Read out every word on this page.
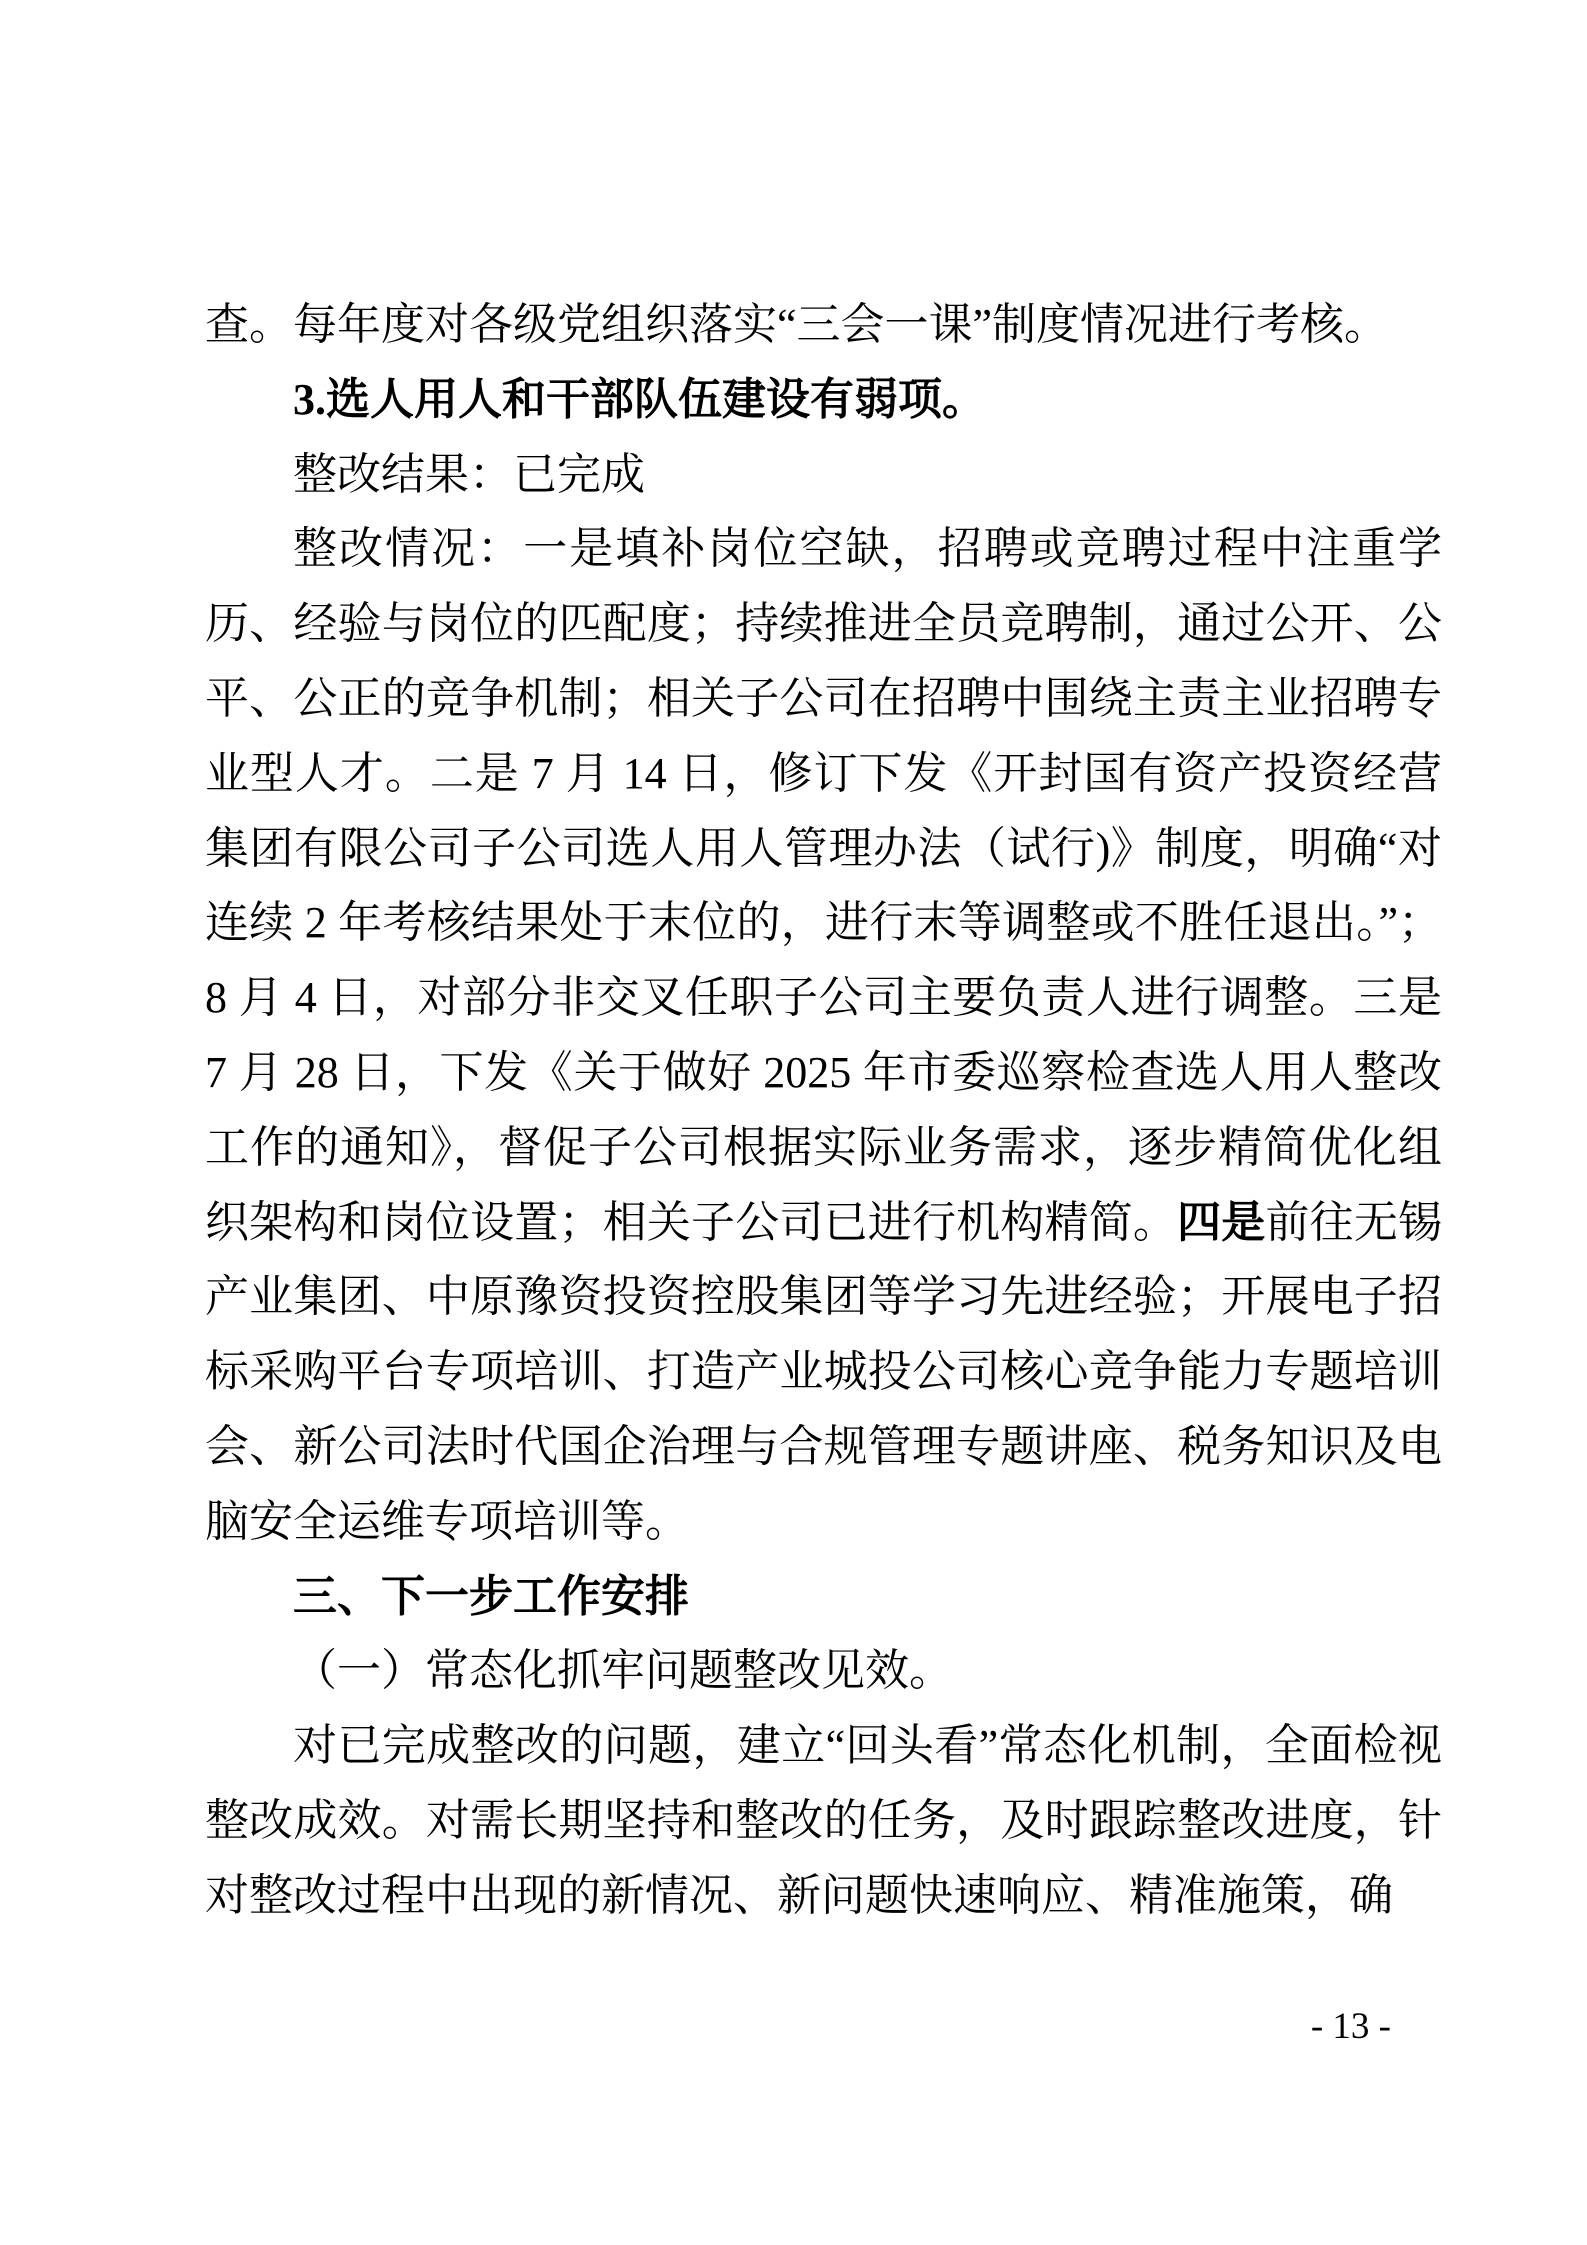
查。每年度对各级党组织落实“三会一课”制度情况进行考核。

3.选人用人和干部队伍建设有弱项。

整改结果：已完成

整改情况：一是填补岗位空缺，招聘或竞聘过程中注重学历、经验与岗位的匹配度；持续推进全员竞聘制，通过公开、公平、公正的竞争机制；相关子公司在招聘中围绕主责主业招聘专业型人才。二是 7 月 14 日，修订下发《开封国有资产投资经营集团有限公司子公司选人用人管理办法（试行)》制度，明确“对连续 2 年考核结果处于末位的，进行末等调整或不胜任退出。”；8 月 4 日，对部分非交叉任职子公司主要负责人进行调整。三是 7 月 28 日，下发《关于做好 2025 年市委巡察检查选人用人整改工作的通知》，督促子公司根据实际业务需求，逐步精简优化组织架构和岗位设置；相关子公司已进行机构精简。四是前往无锡产业集团、中原豫资投资控股集团等学习先进经验；开展电子招标采购平台专项培训、打造产业城投公司核心竞争能力专题培训会、新公司法时代国企治理与合规管理专题讲座、税务知识及电脑安全运维专项培训等。

三、下一步工作安排

（一）常态化抓牢问题整改见效。

对已完成整改的问题，建立“回头看”常态化机制，全面检视整改成效。对需长期坚持和整改的任务，及时跟踪整改进度，针对整改过程中出现的新情况、新问题快速响应、精准施策，确

- 13 -
